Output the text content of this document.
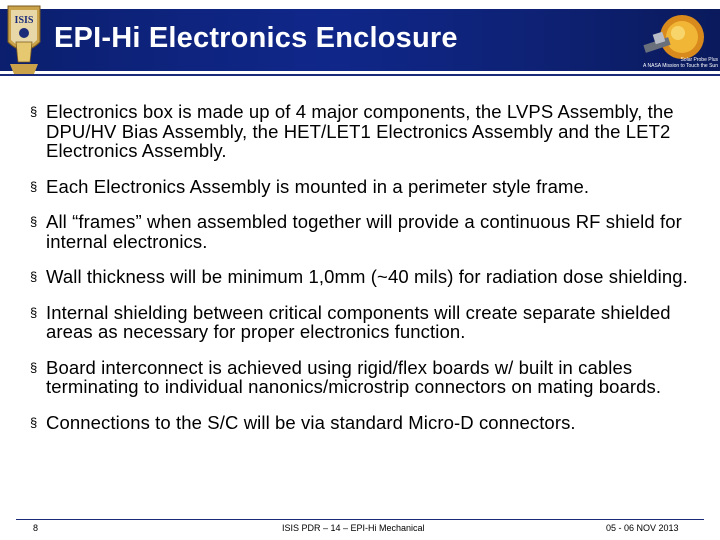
ISIS
EPI-Hi Electronics Enclosure
Solar Probe Plus
A NASA Mission to Touch the Sun
§ Electronics box is made up of 4 major components, the LVPS Assembly, the DPU/HV Bias Assembly, the HET/LET1 Electronics Assembly and the LET2 Electronics Assembly.
§ Each Electronics Assembly is mounted in a perimeter style frame.
§ All “frames” when assembled together will provide a continuous RF shield for internal electronics.
§ Wall thickness will be minimum 1,0mm (~40 mils) for radiation dose shielding.
§ Internal shielding between critical components will create separate shielded areas as necessary for proper electronics function.
§ Board interconnect is achieved using rigid/flex boards w/ built in cables terminating to individual nanonics/microstrip connectors on mating boards.
§ Connections to the S/C will be via standard Micro-D connectors.
8	ISIS PDR – 14 – EPI-Hi Mechanical	05 - 06 NOV 2013
